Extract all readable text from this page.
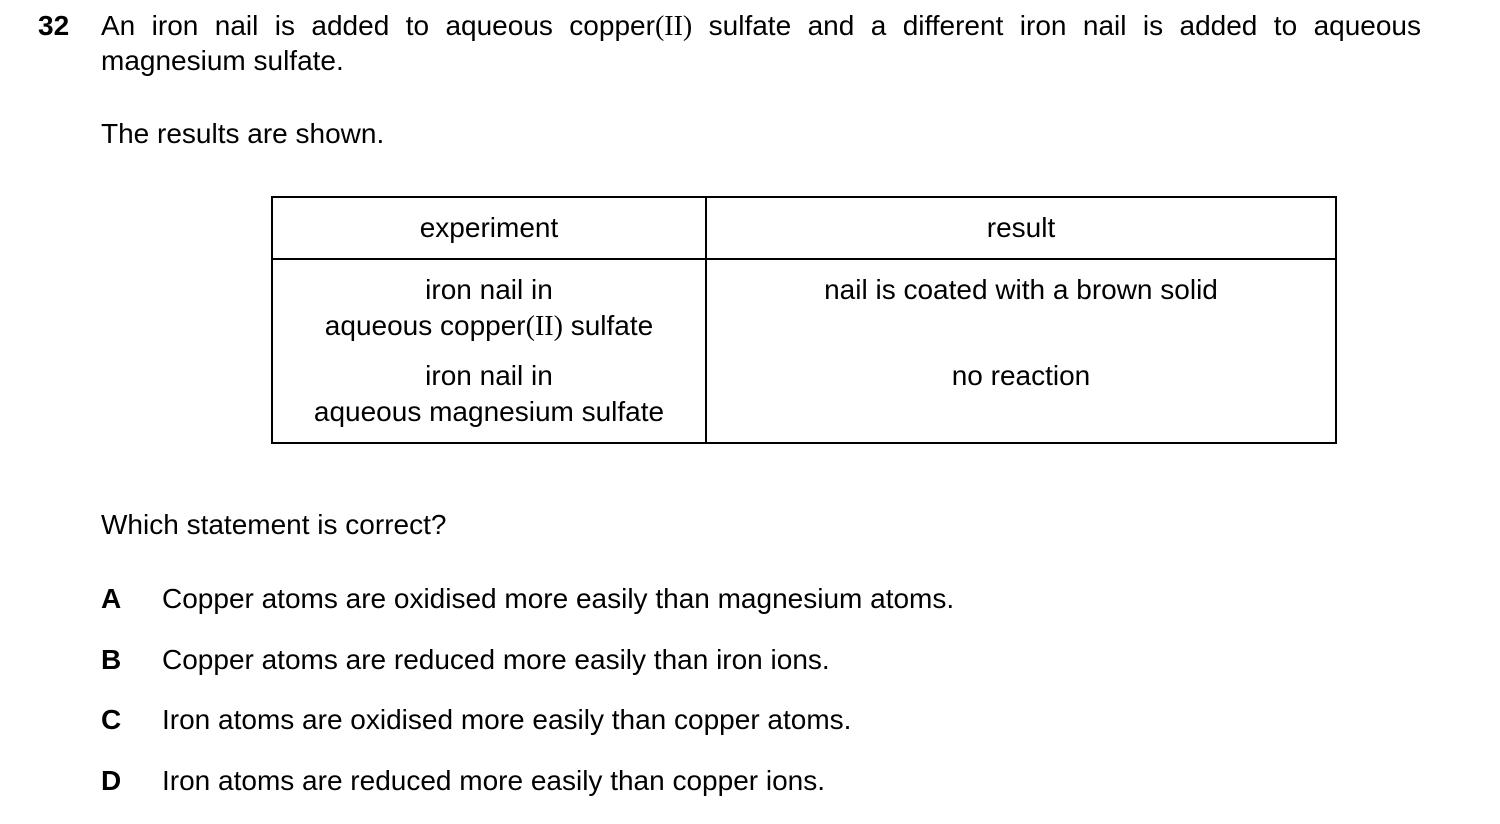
32 An iron nail is added to aqueous copper(II) sulfate and a different iron nail is added to aqueous
magnesium sulfate.
The results are shown.
experiment	result

iron nail in
aqueous copper(II) sulfate	nail is coated with a brown solid

iron nail in
aqueous magnesium sulfate	no reaction
Which statement is correct?
A	Copper atoms are oxidised more easily than magnesium atoms.
B	Copper atoms are reduced more easily than iron ions.
C	Iron atoms are oxidised more easily than copper atoms.
D	Iron atoms are reduced more easily than copper ions.
